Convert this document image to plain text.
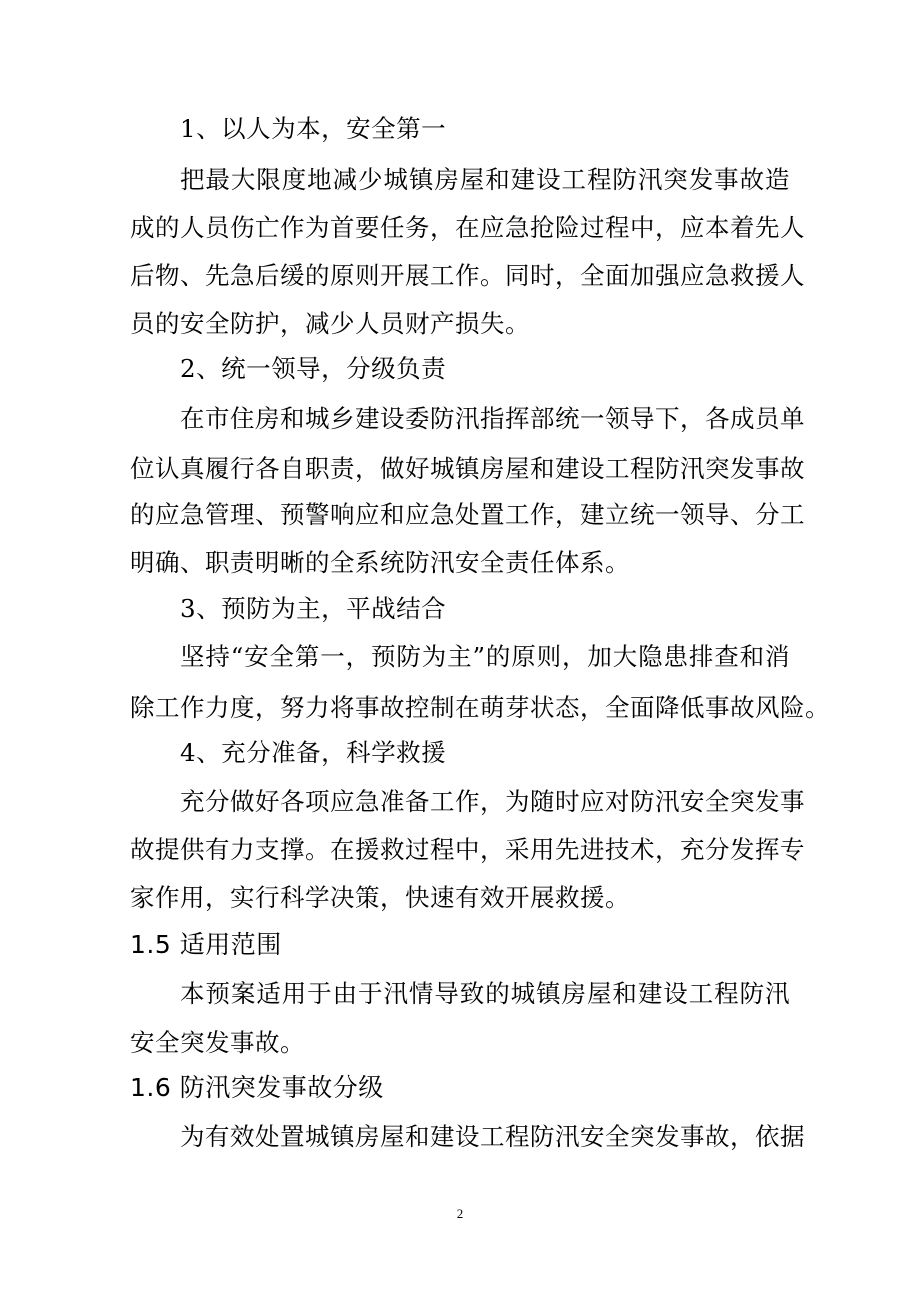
1、以人为本，安全第一
把最大限度地减少城镇房屋和建设工程防汛突发事故造
成的人员伤亡作为首要任务，在应急抢险过程中，应本着先人
后物、先急后缓的原则开展工作。同时，全面加强应急救援人
员的安全防护，减少人员财产损失。
2、统一领导，分级负责
在市住房和城乡建设委防汛指挥部统一领导下，各成员单
位认真履行各自职责，做好城镇房屋和建设工程防汛突发事故
的应急管理、预警响应和应急处置工作，建立统一领导、分工
明确、职责明晰的全系统防汛安全责任体系。
3、预防为主，平战结合
坚持“安全第一，预防为主”的原则，加大隐患排查和消
除工作力度，努力将事故控制在萌芽状态，全面降低事故风险。
4、充分准备，科学救援
充分做好各项应急准备工作，为随时应对防汛安全突发事
故提供有力支撑。在援救过程中，采用先进技术，充分发挥专
家作用，实行科学决策，快速有效开展救援。
1.5 适用范围
本预案适用于由于汛情导致的城镇房屋和建设工程防汛
安全突发事故。
1.6 防汛突发事故分级
为有效处置城镇房屋和建设工程防汛安全突发事故，依据
2
